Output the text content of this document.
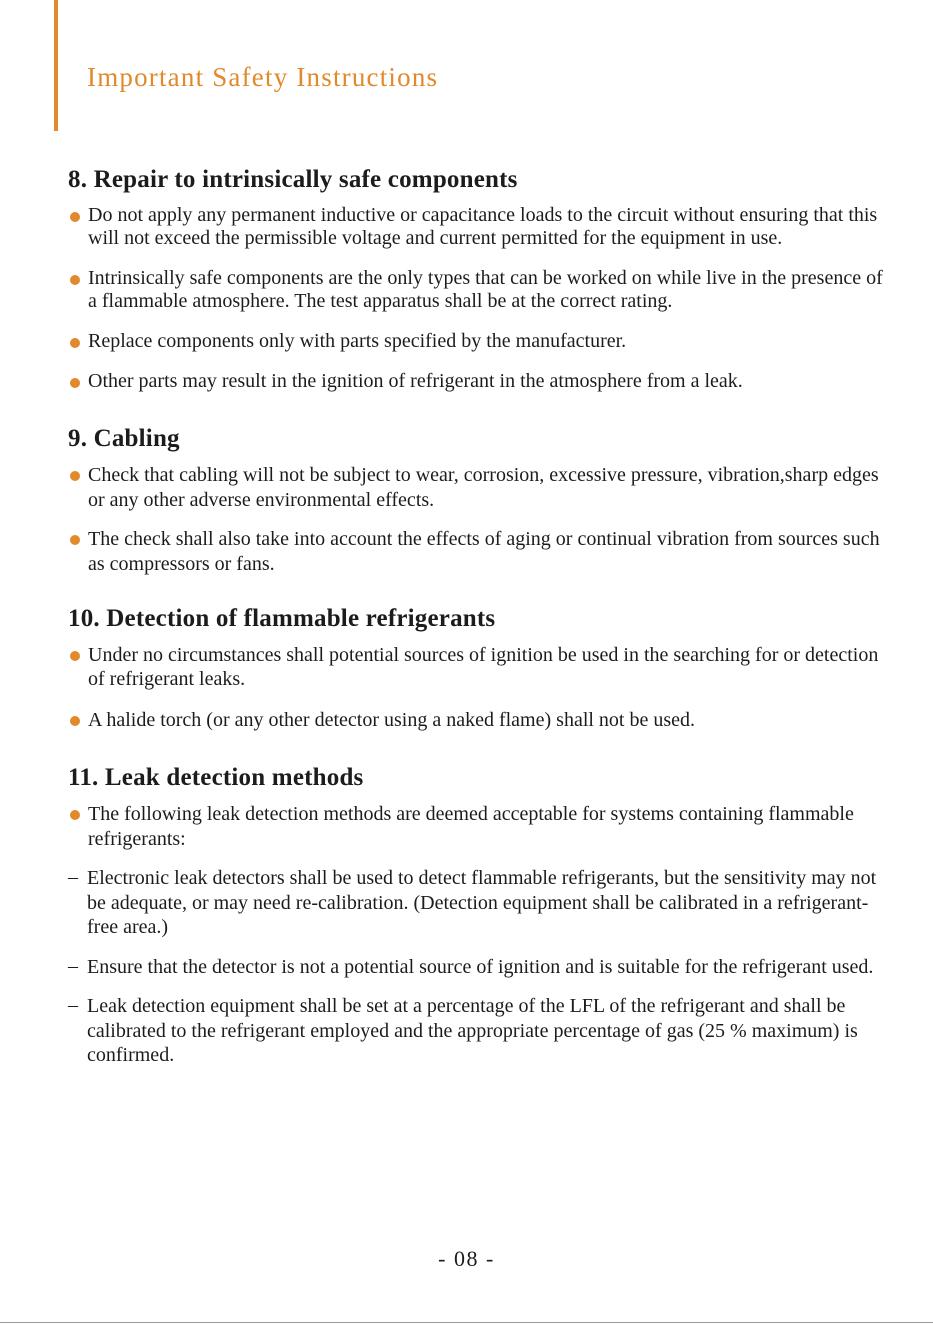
Important Safety Instructions
8. Repair to intrinsically safe components
Do not apply any permanent inductive or capacitance loads to the circuit without ensuring that this will not exceed the permissible voltage and current permitted for the equipment in use.
Intrinsically safe components are the only types that can be worked on while live in the presence of a flammable atmosphere. The test apparatus shall be at the correct rating.
Replace components only with parts specified by the manufacturer.
Other parts may result in the ignition of refrigerant in the atmosphere from a leak.
9. Cabling
Check that cabling will not be subject to wear, corrosion, excessive pressure, vibration,sharp edges or any other adverse environmental effects.
The check shall also take into account the effects of aging or continual vibration from sources such as compressors or fans.
10. Detection of flammable refrigerants
Under no circumstances shall potential sources of ignition be used in the searching for or detection of refrigerant leaks.
A halide torch (or any other detector using a naked flame) shall not be used.
11. Leak detection methods
The following leak detection methods are deemed acceptable for systems containing flammable refrigerants:
– Electronic leak detectors shall be used to detect flammable refrigerants, but the sensitivity may not be adequate, or may need re-calibration. (Detection equipment shall be calibrated in a refrigerant-free area.)
– Ensure that the detector is not a potential source of ignition and is suitable for the refrigerant used.
– Leak detection equipment shall be set at a percentage of the LFL of the refrigerant and shall be calibrated to the refrigerant employed and the appropriate percentage of gas (25 % maximum) is confirmed.
- 08 -
